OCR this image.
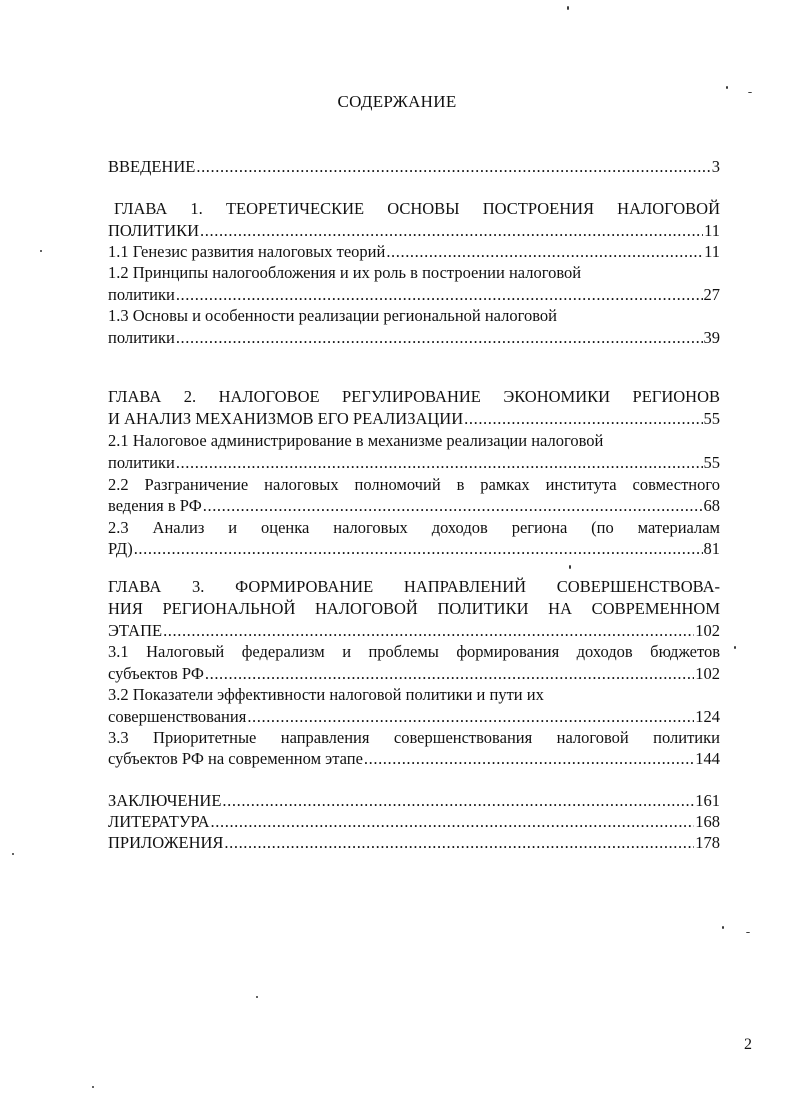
СОДЕРЖАНИЕ
ВВЕДЕНИЕ .....	3
ГЛАВА 1. ТЕОРЕТИЧЕСКИЕ ОСНОВЫ ПОСТРОЕНИЯ НАЛОГОВОЙ
ПОЛИТИКИ .....	11
1.1 Генезис развития налоговых теорий .....	11
1.2 Принципы налогообложения и их роль в построении налоговой
политики .....	27
1.3 Основы и особенности реализации региональной налоговой
политики .....	39
ГЛАВА 2. НАЛОГОВОЕ РЕГУЛИРОВАНИЕ ЭКОНОМИКИ РЕГИОНОВ
И АНАЛИЗ МЕХАНИЗМОВ ЕГО РЕАЛИЗАЦИИ .....	55
2.1 Налоговое администрирование в механизме реализации налоговой
политики .....	55
2.2 Разграничение налоговых полномочий в рамках института совместного
ведения в РФ .....	68
2.3 Анализ и оценка налоговых доходов региона (по материалам
РД) .....	81
ГЛАВА 3. ФОРМИРОВАНИЕ НАПРАВЛЕНИЙ СОВЕРШЕНСТВОВА-
НИЯ РЕГИОНАЛЬНОЙ НАЛОГОВОЙ ПОЛИТИКИ НА СОВРЕМЕННОМ
ЭТАПЕ .....	102
3.1 Налоговый федерализм и проблемы формирования доходов бюджетов
субъектов РФ .....	102
3.2 Показатели эффективности налоговой политики и пути их
совершенствования .....	124
3.3 Приоритетные направления совершенствования налоговой политики
субъектов РФ на современном этапе .....	144
ЗАКЛЮЧЕНИЕ .....	161
ЛИТЕРАТУРА .....	168
ПРИЛОЖЕНИЯ .....	178
2
